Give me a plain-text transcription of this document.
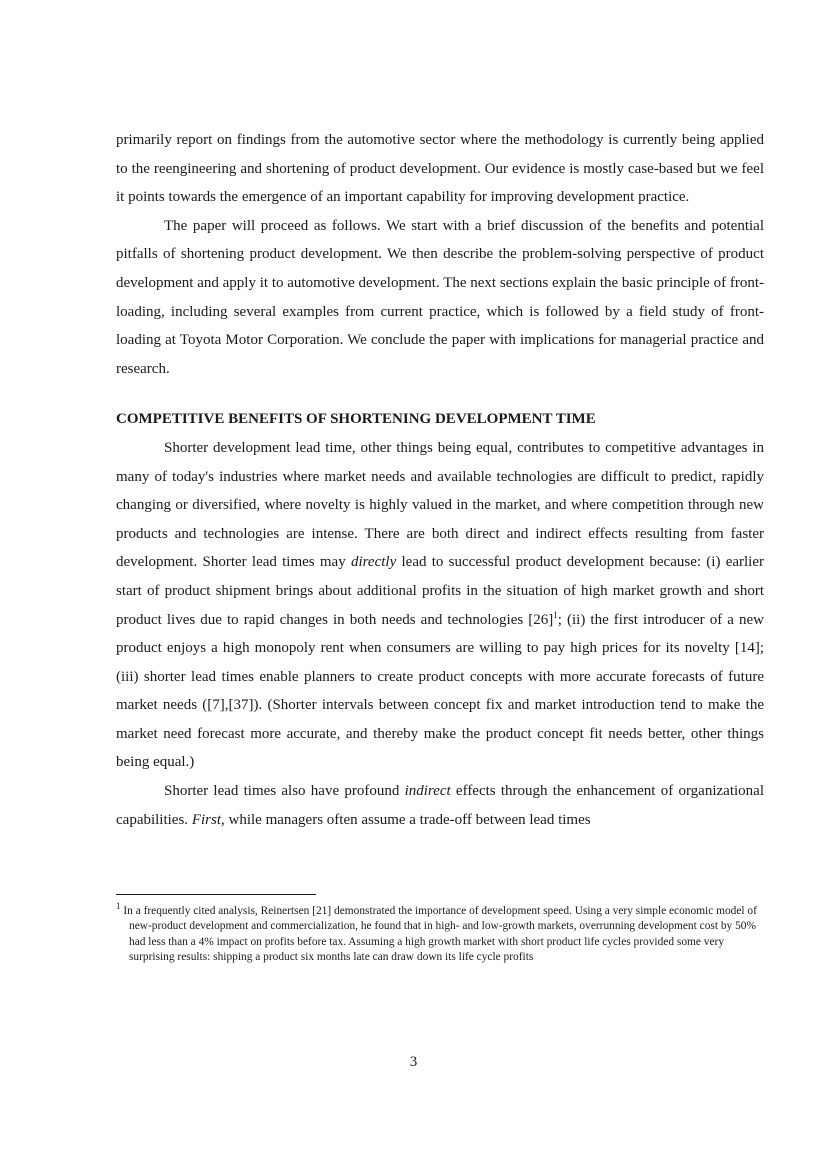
primarily report on findings from the automotive sector where the methodology is currently being applied to the reengineering and shortening of product development. Our evidence is mostly case-based but we feel it points towards the emergence of an important capability for improving development practice.

The paper will proceed as follows. We start with a brief discussion of the benefits and potential pitfalls of shortening product development. We then describe the problem-solving perspective of product development and apply it to automotive development. The next sections explain the basic principle of front-loading, including several examples from current practice, which is followed by a field study of front-loading at Toyota Motor Corporation. We conclude the paper with implications for managerial practice and research.

COMPETITIVE BENEFITS OF SHORTENING DEVELOPMENT TIME

Shorter development lead time, other things being equal, contributes to competitive advantages in many of today's industries where market needs and available technologies are difficult to predict, rapidly changing or diversified, where novelty is highly valued in the market, and where competition through new products and technologies are intense. There are both direct and indirect effects resulting from faster development. Shorter lead times may directly lead to successful product development because: (i) earlier start of product shipment brings about additional profits in the situation of high market growth and short product lives due to rapid changes in both needs and technologies $[26]^1$; (ii) the first introducer of a new product enjoys a high monopoly rent when consumers are willing to pay high prices for its novelty [14]; (iii) shorter lead times enable planners to create product concepts with more accurate forecasts of future market needs ([7],[37]). (Shorter intervals between concept fix and market introduction tend to make the market need forecast more accurate, and thereby make the product concept fit needs better, other things being equal.)

Shorter lead times also have profound indirect effects through the enhancement of organizational capabilities. First, while managers often assume a trade-off between lead times

$^1$ In a frequently cited analysis, Reinertsen [21] demonstrated the importance of development speed. Using a very simple economic model of new-product development and commercialization, he found that in high- and low-growth markets, overrunning development cost by 50% had less than a 4% impact on profits before tax. Assuming a high growth market with short product life cycles provided some very surprising results: shipping a product six months late can draw down its life cycle profits
3
